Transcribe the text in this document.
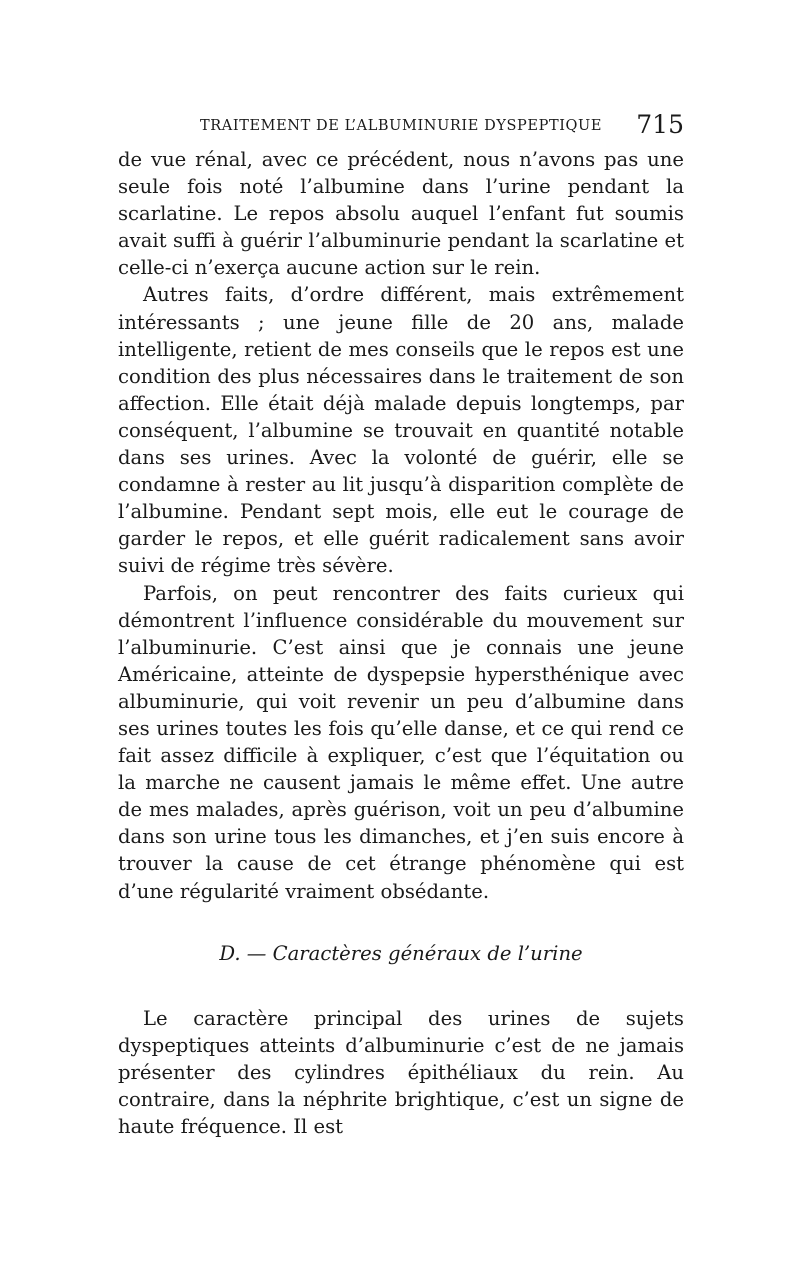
TRAITEMENT DE L’ALBUMINURIE DYSPEPTIQUE 715

de vue rénal, avec ce précédent, nous n’avons pas une seule fois noté l’albumine dans l’urine pendant la scarlatine. Le repos absolu auquel l’enfant fut soumis avait suffi à guérir l’albuminurie pendant la scarlatine et celle-ci n’exerça aucune action sur le rein.

Autres faits, d’ordre différent, mais extrêmement intéressants ; une jeune fille de 20 ans, malade intelligente, retient de mes conseils que le repos est une condition des plus nécessaires dans le traitement de son affection. Elle était déjà malade depuis longtemps, par conséquent, l’albumine se trouvait en quantité notable dans ses urines. Avec la volonté de guérir, elle se condamne à rester au lit jusqu’à disparition complète de l’albumine. Pendant sept mois, elle eut le courage de garder le repos, et elle guérit radicalement sans avoir suivi de régime très sévère.

Parfois, on peut rencontrer des faits curieux qui démontrent l’influence considérable du mouvement sur l’albuminurie. C’est ainsi que je connais une jeune Américaine, atteinte de dyspepsie hypersthénique avec albuminurie, qui voit revenir un peu d’albumine dans ses urines toutes les fois qu’elle danse, et ce qui rend ce fait assez difficile à expliquer, c’est que l’équitation ou la marche ne causent jamais le même effet. Une autre de mes malades, après guérison, voit un peu d’albumine dans son urine tous les dimanches, et j’en suis encore à trouver la cause de cet étrange phénomène qui est d’une régularité vraiment obsédante.

D. — Caractères généraux de l’urine

Le caractère principal des urines de sujets dyspeptiques atteints d’albuminurie c’est de ne jamais présenter des cylindres épithéliaux du rein. Au contraire, dans la néphrite brightique, c’est un signe de haute fréquence. Il est
